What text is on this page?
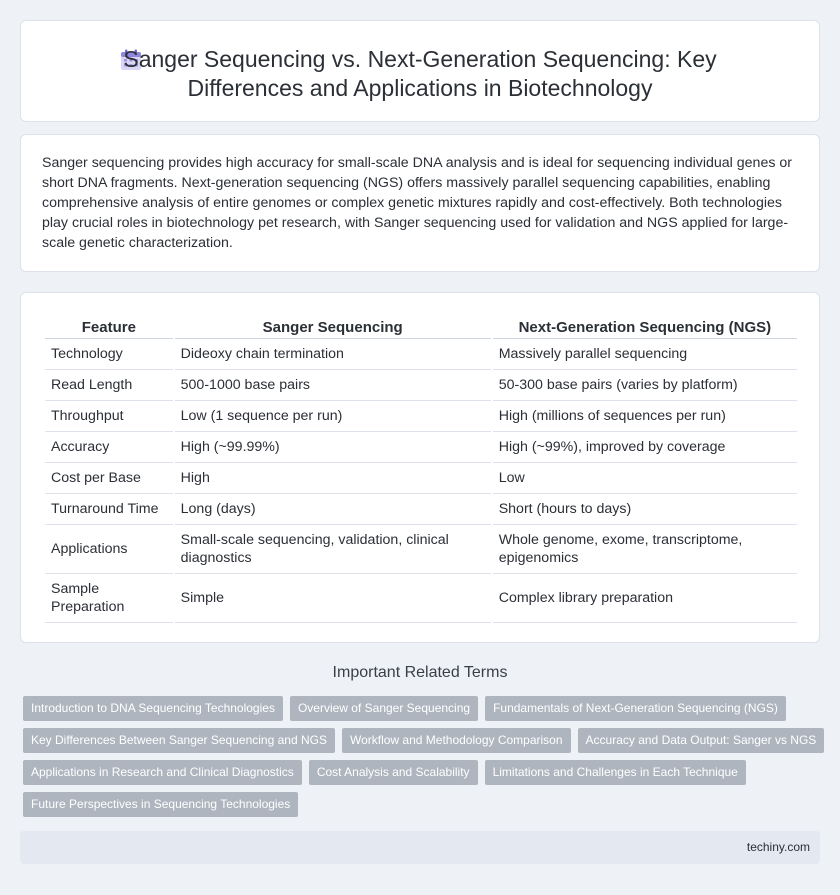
Sanger Sequencing vs. Next-Generation Sequencing: Key
Differences and Applications in Biotechnology

Sanger sequencing provides high accuracy for small-scale DNA analysis and is ideal for sequencing individual genes or short DNA fragments. Next-generation sequencing (NGS) offers massively parallel sequencing capabilities, enabling comprehensive analysis of entire genomes or complex genetic mixtures rapidly and cost-effectively. Both technologies play crucial roles in biotechnology pet research, with Sanger sequencing used for validation and NGS applied for large-scale genetic characterization.

Feature	Sanger Sequencing	Next-Generation Sequencing (NGS)
Technology	Dideoxy chain termination	Massively parallel sequencing
Read Length	500-1000 base pairs	50-300 base pairs (varies by platform)
Throughput	Low (1 sequence per run)	High (millions of sequences per run)
Accuracy	High (~99.99%)	High (~99%), improved by coverage
Cost per Base	High	Low
Turnaround Time	Long (days)	Short (hours to days)
Applications	Small-scale sequencing, validation, clinical diagnostics	Whole genome, exome, transcriptome, epigenomics
Sample Preparation	Simple	Complex library preparation
Important Related Terms
Introduction to DNA Sequencing Technologies	Overview of Sanger Sequencing	Fundamentals of Next-Generation Sequencing (NGS)
Key Differences Between Sanger Sequencing and NGS	Workflow and Methodology Comparison	Accuracy and Data Output: Sanger vs NGS
Applications in Research and Clinical Diagnostics	Cost Analysis and Scalability	Limitations and Challenges in Each Technique
Future Perspectives in Sequencing Technologies
techiny.com
